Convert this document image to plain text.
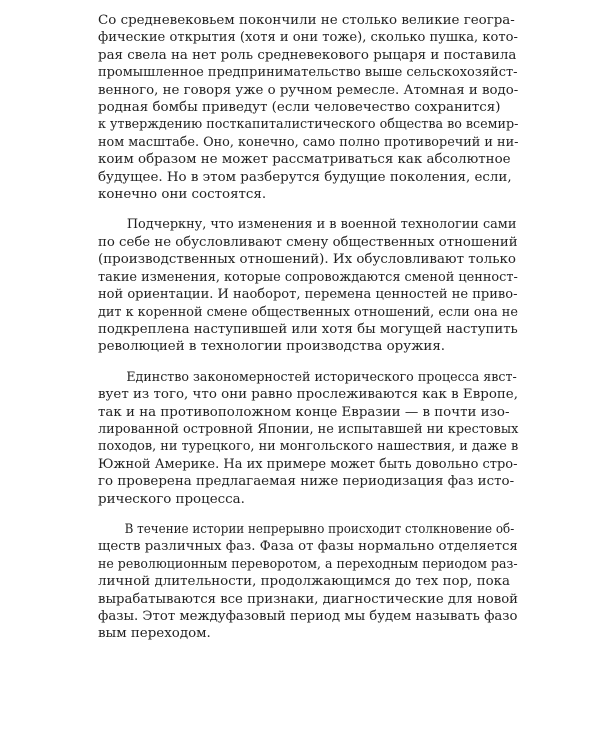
Со средневековьем покончили не столько великие геогра-
фические открытия (хотя и они тоже), сколько пушка, кото-
рая свела на нет роль средневекового рыцаря и поставила
промышленное предпринимательство выше сельскохозяйст-
венного, не говоря уже о ручном ремесле. Атомная и водо-
родная бомбы приведут (если человечество сохранится)
к утверждению посткапиталистического общества во всемир-
ном масштабе. Оно, конечно, само полно противоречий и ни-
коим образом не может рассматриваться как абсолютное
будущее. Но в этом разберутся будущие поколения, если,
конечно они состоятся.

Подчеркну, что изменения и в военной технологии сами
по себе не обусловливают смену общественных отношений
(производственных отношений). Их обусловливают только
такие изменения, которые сопровождаются сменой ценност-
ной ориентации. И наоборот, перемена ценностей не приво-
дит к коренной смене общественных отношений, если она не
подкреплена наступившей или хотя бы могущей наступить
революцией в технологии производства оружия.

Единство закономерностей исторического процесса явст-
вует из того, что они равно прослеживаются как в Европе,
так и на противоположном конце Евразии — в почти изо-
лированной островной Японии, не испытавшей ни крестовых
походов, ни турецкого, ни монгольского нашествия, и даже в
Южной Америке. На их примере может быть довольно стро-
го проверена предлагаемая ниже периодизация фаз исто-
рического процесса.

В течение истории непрерывно происходит столкновение об-
ществ различных фаз. Фаза от фазы нормально отделяется
не революционным переворотом, а переходным периодом раз-
личной длительности, продолжающимся до тех пор, пока
вырабатываются все признаки, диагностические для новой
фазы. Этот междуфазовый период мы будем называть фазо
вым переходом.
